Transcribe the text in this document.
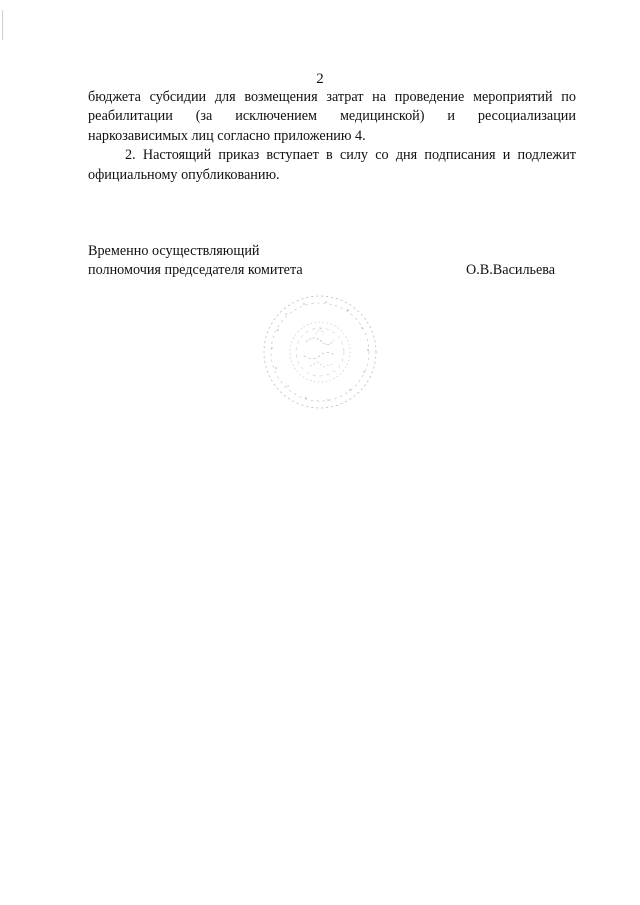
2

бюджета субсидии для возмещения затрат на проведение мероприятий по реабилитации (за исключением медицинской) и ресоциализации наркозависимых лиц согласно приложению 4.

2. Настоящий приказ вступает в силу со дня подписания и подлежит официальному опубликованию.

Временно осуществляющий
полномочия председателя комитета	О.В.Васильева
